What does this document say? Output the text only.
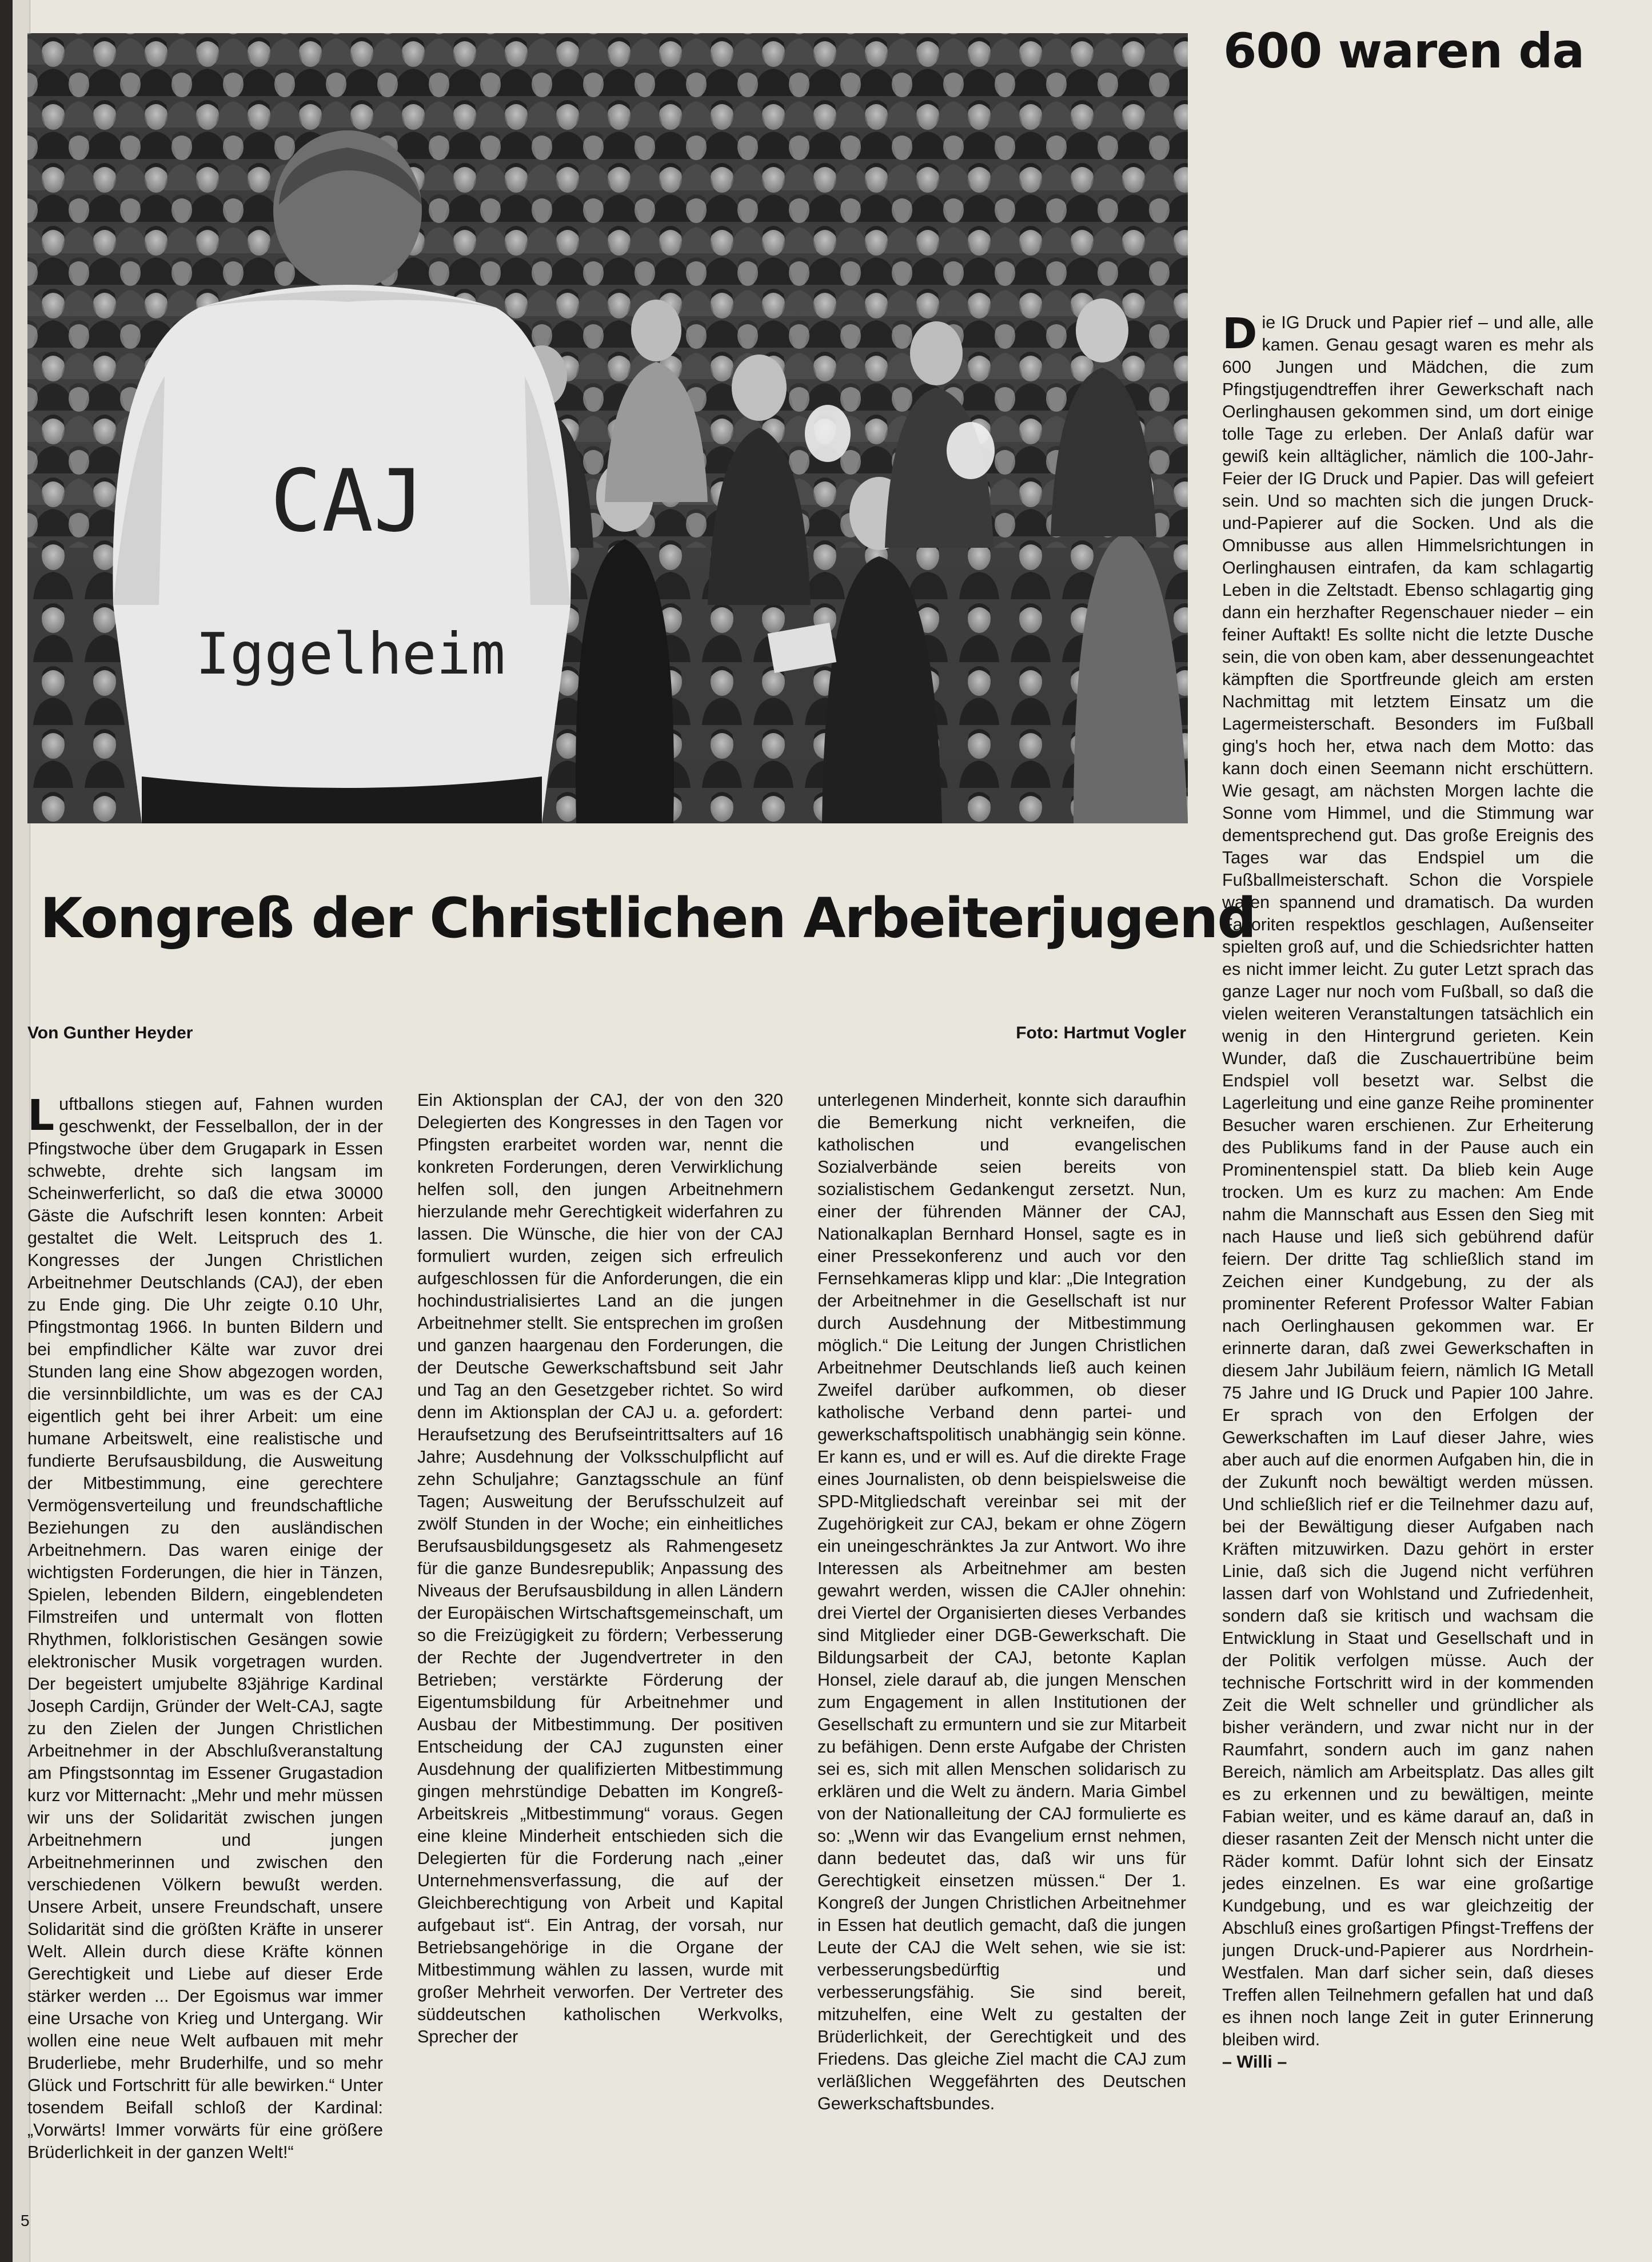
CAJ
Iggelheim
600 waren da
Kongreß der Christlichen Arbeiterjugend
Von Gunther Heyder	Foto: Hartmut Vogler

Luftballons stiegen auf, Fahnen wurden geschwenkt, der Fesselballon, der in der Pfingstwoche über dem Grugapark in Essen schwebte, drehte sich langsam im Scheinwerferlicht, so daß die etwa 30000 Gäste die Aufschrift lesen konnten: Arbeit gestaltet die Welt. Leitspruch des 1. Kongresses der Jungen Christlichen Arbeitnehmer Deutschlands (CAJ), der eben zu Ende ging. Die Uhr zeigte 0.10 Uhr, Pfingstmontag 1966. In bunten Bildern und bei empfindlicher Kälte war zuvor drei Stunden lang eine Show abgezogen worden, die versinnbildlichte, um was es der CAJ eigentlich geht bei ihrer Arbeit: um eine humane Arbeitswelt, eine realistische und fundierte Berufsausbildung, die Ausweitung der Mitbestimmung, eine gerechtere Vermögensverteilung und freundschaftliche Beziehungen zu den ausländischen Arbeitnehmern. Das waren einige der wichtigsten Forderungen, die hier in Tänzen, Spielen, lebenden Bildern, eingeblendeten Filmstreifen und untermalt von flotten Rhythmen, folkloristischen Gesängen sowie elektronischer Musik vorgetragen wurden. Der begeistert umjubelte 83jährige Kardinal Joseph Cardijn, Gründer der Welt-CAJ, sagte zu den Zielen der Jungen Christlichen Arbeitnehmer in der Abschlußveranstaltung am Pfingstsonntag im Essener Grugastadion kurz vor Mitternacht: „Mehr und mehr müssen wir uns der Solidarität zwischen jungen Arbeitnehmern und jungen Arbeitnehmerinnen und zwischen den verschiedenen Völkern bewußt werden. Unsere Arbeit, unsere Freundschaft, unsere Solidarität sind die größten Kräfte in unserer Welt. Allein durch diese Kräfte können Gerechtigkeit und Liebe auf dieser Erde stärker werden ... Der Egoismus war immer eine Ursache von Krieg und Untergang. Wir wollen eine neue Welt aufbauen mit mehr Bruderliebe, mehr Bruderhilfe, und so mehr Glück und Fortschritt für alle bewirken.“ Unter tosendem Beifall schloß der Kardinal: „Vorwärts! Immer vorwärts für eine größere Brüderlichkeit in der ganzen Welt!“

Ein Aktionsplan der CAJ, der von den 320 Delegierten des Kongresses in den Tagen vor Pfingsten erarbeitet worden war, nennt die konkreten Forderungen, deren Verwirklichung helfen soll, den jungen Arbeitnehmern hierzulande mehr Gerechtigkeit widerfahren zu lassen. Die Wünsche, die hier von der CAJ formuliert wurden, zeigen sich erfreulich aufgeschlossen für die Anforderungen, die ein hochindustrialisiertes Land an die jungen Arbeitnehmer stellt. Sie entsprechen im großen und ganzen haargenau den Forderungen, die der Deutsche Gewerkschaftsbund seit Jahr und Tag an den Gesetzgeber richtet. So wird denn im Aktionsplan der CAJ u. a. gefordert: Heraufsetzung des Berufseintrittsalters auf 16 Jahre; Ausdehnung der Volksschulpflicht auf zehn Schuljahre; Ganztagsschule an fünf Tagen; Ausweitung der Berufsschulzeit auf zwölf Stunden in der Woche; ein einheitliches Berufsausbildungsgesetz als Rahmengesetz für die ganze Bundesrepublik; Anpassung des Niveaus der Berufsausbildung in allen Ländern der Europäischen Wirtschaftsgemeinschaft, um so die Freizügigkeit zu fördern; Verbesserung der Rechte der Jugendvertreter in den Betrieben; verstärkte Förderung der Eigentumsbildung für Arbeitnehmer und Ausbau der Mitbestimmung. Der positiven Entscheidung der CAJ zugunsten einer Ausdehnung der qualifizierten Mitbestimmung gingen mehrstündige Debatten im Kongreß-Arbeitskreis „Mitbestimmung“ voraus. Gegen eine kleine Minderheit entschieden sich die Delegierten für die Forderung nach „einer Unternehmensverfassung, die auf der Gleichberechtigung von Arbeit und Kapital aufgebaut ist“. Ein Antrag, der vorsah, nur Betriebsangehörige in die Organe der Mitbestimmung wählen zu lassen, wurde mit großer Mehrheit verworfen. Der Vertreter des süddeutschen katholischen Werkvolks, Sprecher der

unterlegenen Minderheit, konnte sich daraufhin die Bemerkung nicht verkneifen, die katholischen und evangelischen Sozialverbände seien bereits von sozialistischem Gedankengut zersetzt. Nun, einer der führenden Männer der CAJ, Nationalkaplan Bernhard Honsel, sagte es in einer Pressekonferenz und auch vor den Fernsehkameras klipp und klar: „Die Integration der Arbeitnehmer in die Gesellschaft ist nur durch Ausdehnung der Mitbestimmung möglich.“ Die Leitung der Jungen Christlichen Arbeitnehmer Deutschlands ließ auch keinen Zweifel darüber aufkommen, ob dieser katholische Verband denn partei- und gewerkschaftspolitisch unabhängig sein könne. Er kann es, und er will es. Auf die direkte Frage eines Journalisten, ob denn beispielsweise die SPD-Mitgliedschaft vereinbar sei mit der Zugehörigkeit zur CAJ, bekam er ohne Zögern ein uneingeschränktes Ja zur Antwort. Wo ihre Interessen als Arbeitnehmer am besten gewahrt werden, wissen die CAJler ohnehin: drei Viertel der Organisierten dieses Verbandes sind Mitglieder einer DGB-Gewerkschaft. Die Bildungsarbeit der CAJ, betonte Kaplan Honsel, ziele darauf ab, die jungen Menschen zum Engagement in allen Institutionen der Gesellschaft zu ermuntern und sie zur Mitarbeit zu befähigen. Denn erste Aufgabe der Christen sei es, sich mit allen Menschen solidarisch zu erklären und die Welt zu ändern. Maria Gimbel von der Nationalleitung der CAJ formulierte es so: „Wenn wir das Evangelium ernst nehmen, dann bedeutet das, daß wir uns für Gerechtigkeit einsetzen müssen.“ Der 1. Kongreß der Jungen Christlichen Arbeitnehmer in Essen hat deutlich gemacht, daß die jungen Leute der CAJ die Welt sehen, wie sie ist: verbesserungsbedürftig und verbesserungsfähig. Sie sind bereit, mitzuhelfen, eine Welt zu gestalten der Brüderlichkeit, der Gerechtigkeit und des Friedens. Das gleiche Ziel macht die CAJ zum verläßlichen Weggefährten des Deutschen Gewerkschaftsbundes.

Die IG Druck und Papier rief – und alle, alle kamen. Genau gesagt waren es mehr als 600 Jungen und Mädchen, die zum Pfingstjugendtreffen ihrer Gewerkschaft nach Oerlinghausen gekommen sind, um dort einige tolle Tage zu erleben. Der Anlaß dafür war gewiß kein alltäglicher, nämlich die 100-Jahr-Feier der IG Druck und Papier. Das will gefeiert sein. Und so machten sich die jungen Druck-und-Papierer auf die Socken. Und als die Omnibusse aus allen Himmelsrichtungen in Oerlinghausen eintrafen, da kam schlagartig Leben in die Zeltstadt. Ebenso schlagartig ging dann ein herzhafter Regenschauer nieder – ein feiner Auftakt! Es sollte nicht die letzte Dusche sein, die von oben kam, aber dessenungeachtet kämpften die Sportfreunde gleich am ersten Nachmittag mit letztem Einsatz um die Lagermeisterschaft. Besonders im Fußball ging's hoch her, etwa nach dem Motto: das kann doch einen Seemann nicht erschüttern. Wie gesagt, am nächsten Morgen lachte die Sonne vom Himmel, und die Stimmung war dementsprechend gut. Das große Ereignis des Tages war das Endspiel um die Fußballmeisterschaft. Schon die Vorspiele waren spannend und dramatisch. Da wurden Favoriten respektlos geschlagen, Außenseiter spielten groß auf, und die Schiedsrichter hatten es nicht immer leicht. Zu guter Letzt sprach das ganze Lager nur noch vom Fußball, so daß die vielen weiteren Veranstaltungen tatsächlich ein wenig in den Hintergrund gerieten. Kein Wunder, daß die Zuschauertribüne beim Endspiel voll besetzt war. Selbst die Lagerleitung und eine ganze Reihe prominenter Besucher waren erschienen. Zur Erheiterung des Publikums fand in der Pause auch ein Prominentenspiel statt. Da blieb kein Auge trocken. Um es kurz zu machen: Am Ende nahm die Mannschaft aus Essen den Sieg mit nach Hause und ließ sich gebührend dafür feiern. Der dritte Tag schließlich stand im Zeichen einer Kundgebung, zu der als prominenter Referent Professor Walter Fabian nach Oerlinghausen gekommen war. Er erinnerte daran, daß zwei Gewerkschaften in diesem Jahr Jubiläum feiern, nämlich IG Metall 75 Jahre und IG Druck und Papier 100 Jahre. Er sprach von den Erfolgen der Gewerkschaften im Lauf dieser Jahre, wies aber auch auf die enormen Aufgaben hin, die in der Zukunft noch bewältigt werden müssen. Und schließlich rief er die Teilnehmer dazu auf, bei der Bewältigung dieser Aufgaben nach Kräften mitzuwirken. Dazu gehört in erster Linie, daß sich die Jugend nicht verführen lassen darf von Wohlstand und Zufriedenheit, sondern daß sie kritisch und wachsam die Entwicklung in Staat und Gesellschaft und in der Politik verfolgen müsse. Auch der technische Fortschritt wird in der kommenden Zeit die Welt schneller und gründlicher als bisher verändern, und zwar nicht nur in der Raumfahrt, sondern auch im ganz nahen Bereich, nämlich am Arbeitsplatz. Das alles gilt es zu erkennen und zu bewältigen, meinte Fabian weiter, und es käme darauf an, daß in dieser rasanten Zeit der Mensch nicht unter die Räder kommt. Dafür lohnt sich der Einsatz jedes einzelnen. Es war eine großartige Kundgebung, und es war gleichzeitig der Abschluß eines großartigen Pfingst-Treffens der jungen Druck-und-Papierer aus Nordrhein-Westfalen. Man darf sicher sein, daß dieses Treffen allen Teilnehmern gefallen hat und daß es ihnen noch lange Zeit in guter Erinnerung bleiben wird.

– Willi –

5
